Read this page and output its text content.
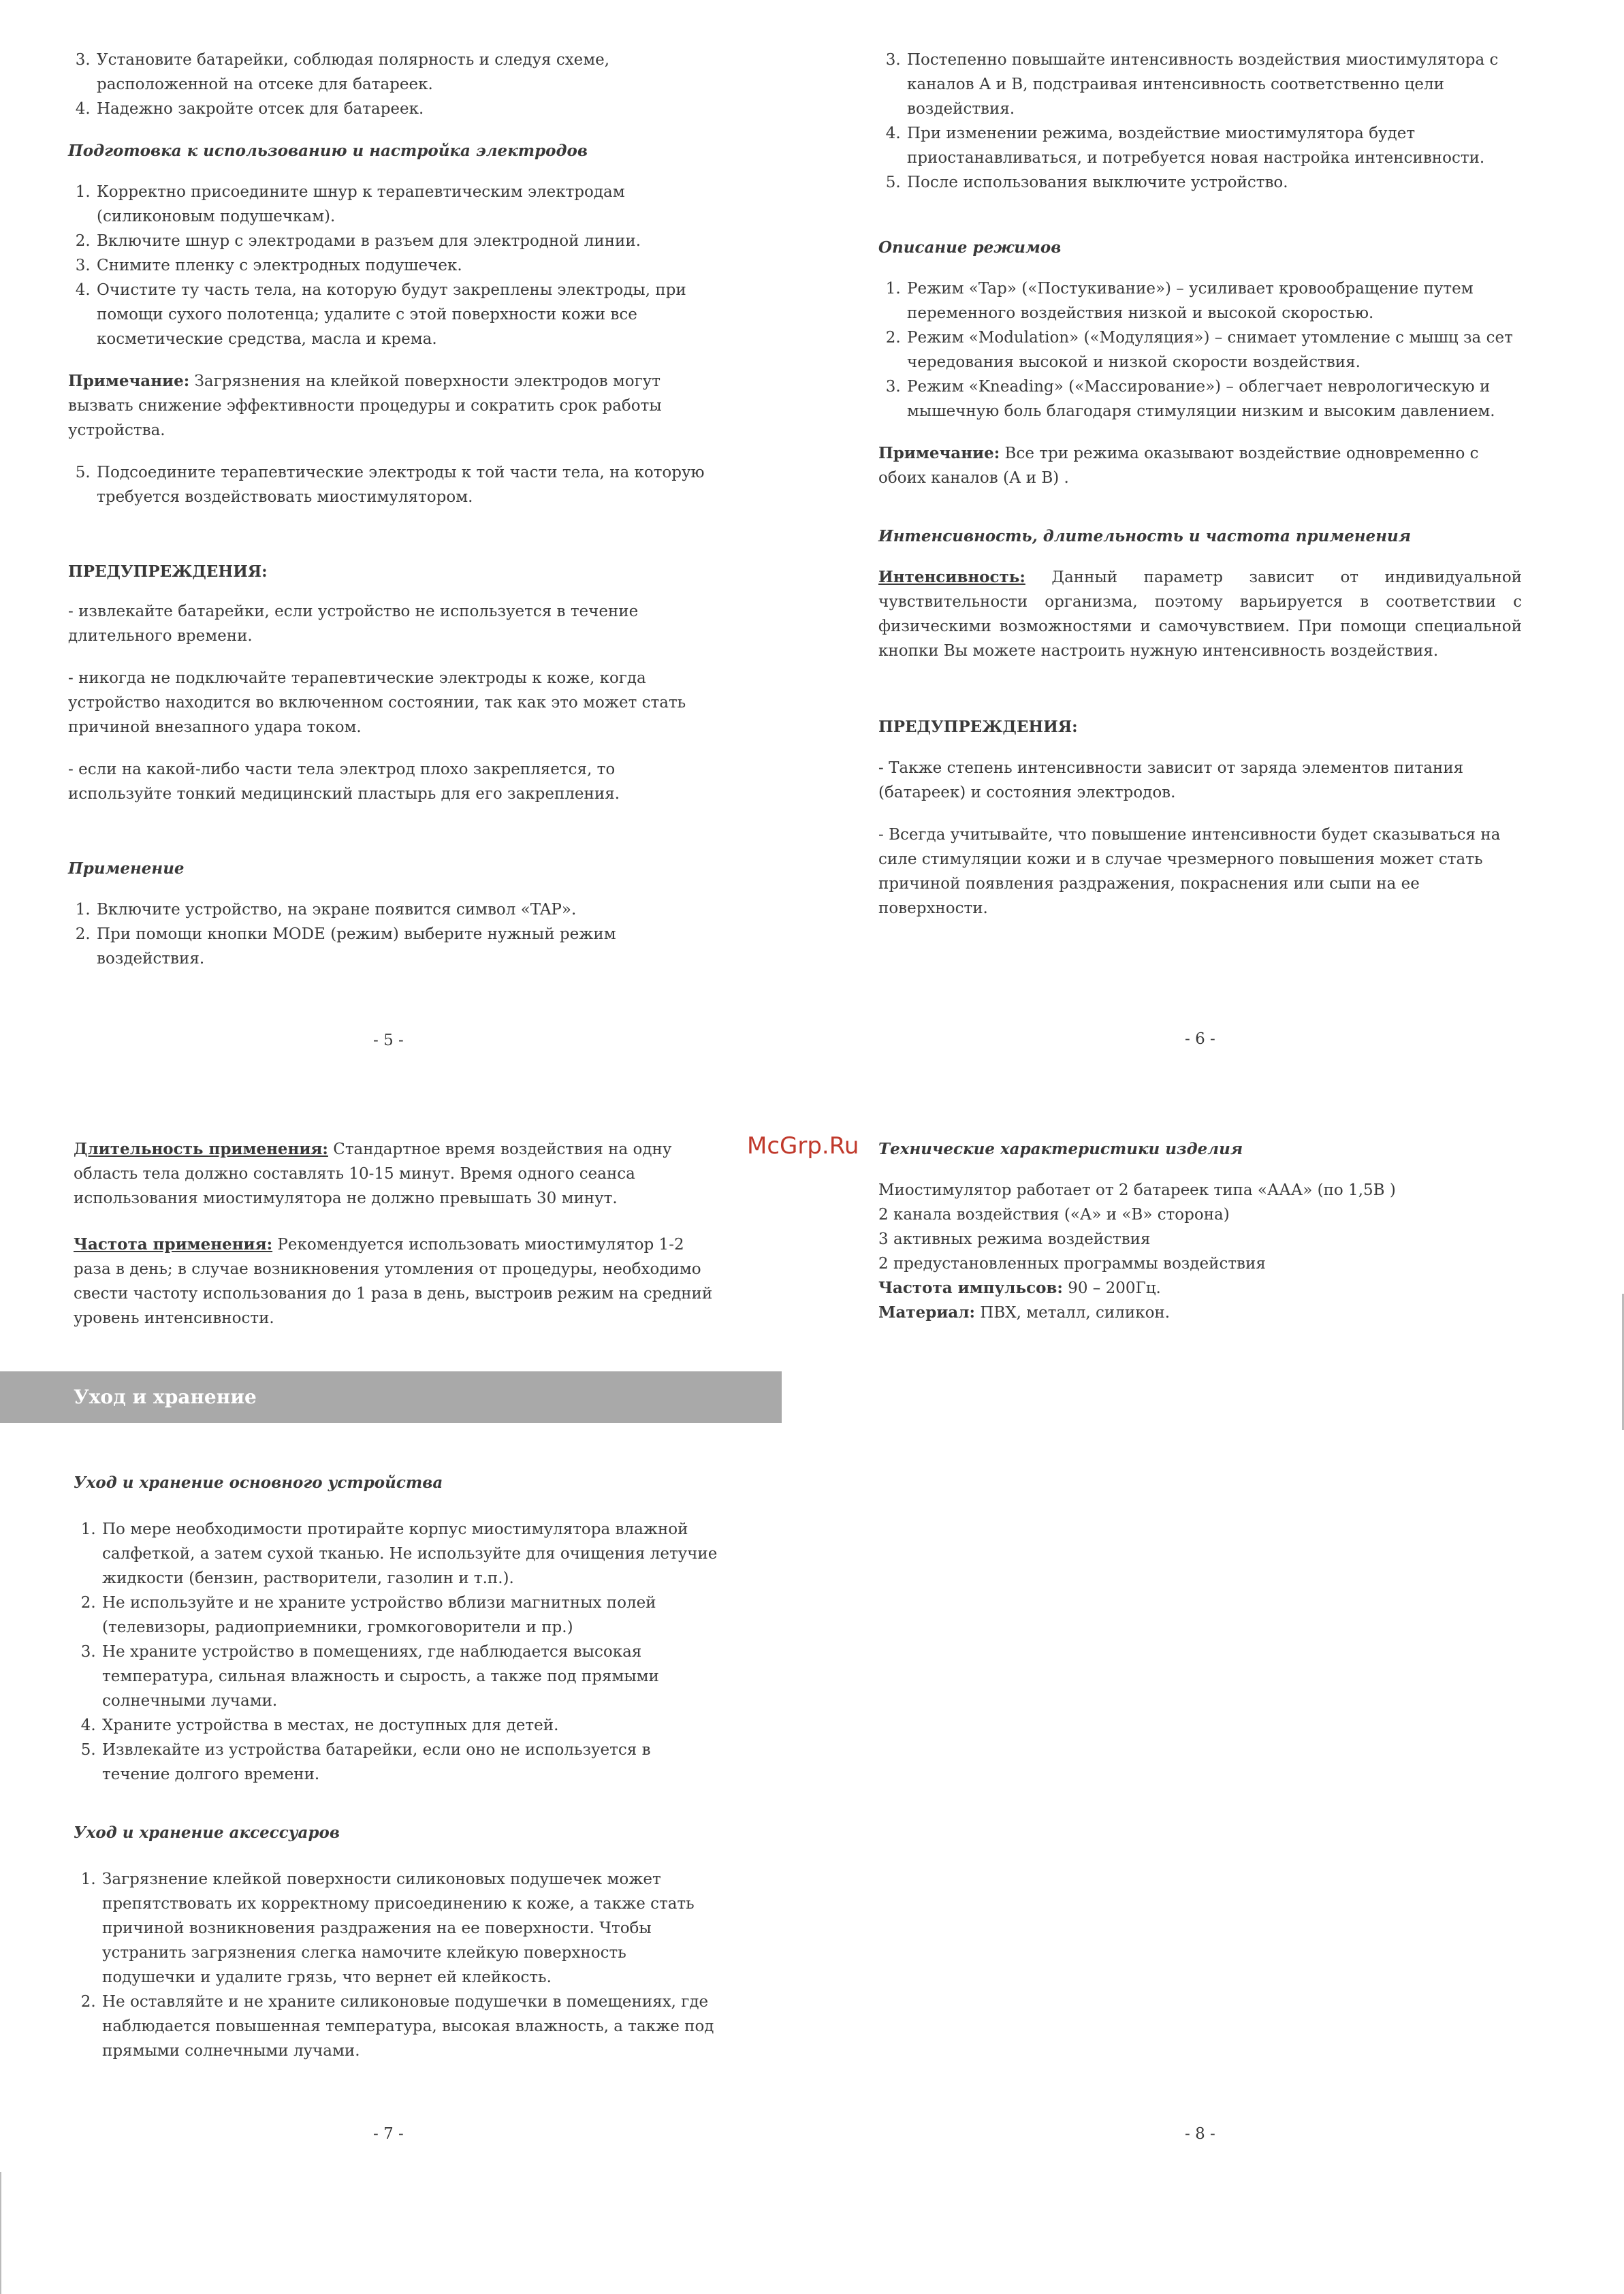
3. Установите батарейки, соблюдая полярность и следуя схеме, расположенной на отсеке для батареек.
4. Надежно закройте отсек для батареек.
Подготовка к использованию и настройка электродов
1. Корректно присоедините шнур к терапевтическим электродам (силиконовым подушечкам).
2. Включите шнур с электродами в разъем для электродной линии.
3. Снимите пленку с электродных подушечек.
4. Очистите ту часть тела, на которую будут закреплены электроды, при помощи сухого полотенца; удалите с этой поверхности кожи все косметические средства, масла и крема.

Примечание: Загрязнения на клейкой поверхности электродов могут вызвать снижение эффективности процедуры и сократить срок работы устройства.

5. Подсоедините терапевтические электроды к той части тела, на которую требуется воздействовать миостимулятором.
ПРЕДУПРЕЖДЕНИЯ:

- извлекайте батарейки, если устройство не используется в течение длительного времени.

- никогда не подключайте терапевтические электроды к коже, когда устройство находится во включенном состоянии, так как это может стать причиной внезапного удара током.

- если на какой-либо части тела электрод плохо закрепляется, то используйте тонкий медицинский пластырь для его закрепления.

Применение
1. Включите устройство, на экране появится символ «TAP».
2. При помощи кнопки MODE (режим) выберите нужный режим воздействия.
- 5 -
3. Постепенно повышайте интенсивность воздействия миостимулятора с каналов А и В, подстраивая интенсивность соответственно цели воздействия.
4. При изменении режима, воздействие миостимулятора будет приостанавливаться, и потребуется новая настройка интенсивности.
5. После использования выключите устройство.
Описание режимов
1. Режим «Tap» («Постукивание») – усиливает кровообращение путем переменного воздействия низкой и высокой скоростью.
2. Режим «Modulation» («Модуляция») – снимает утомление с мышц за сет чередования высокой и низкой скорости воздействия.
3. Режим «Kneading» («Массирование») – облегчает неврологическую и мышечную боль благодаря стимуляции низким и высоким давлением.

Примечание: Все три режима оказывают воздействие одновременно с обоих каналов (А и В) .

Интенсивность, длительность и частота применения

Интенсивность: Данный параметр зависит от индивидуальной чувствительности организма, поэтому варьируется в соответствии с физическими возможностями и самочувствием. При помощи специальной кнопки Вы можете настроить нужную интенсивность воздействия.

ПРЕДУПРЕЖДЕНИЯ:

- Также степень интенсивности зависит от заряда элементов питания (батареек) и состояния электродов.

- Всегда учитывайте, что повышение интенсивности будет сказываться на силе стимуляции кожи и в случае чрезмерного повышения может стать причиной появления раздражения, покраснения или сыпи на ее поверхности.

- 6 -
McGrp.Ru

Длительность применения: Стандартное время воздействия на одну область тела должно составлять 10-15 минут. Время одного сеанса использования миостимулятора не должно превышать 30 минут.

Частота применения: Рекомендуется использовать миостимулятор 1-2 раза в день; в случае возникновения утомления от процедуры, необходимо свести частоту использования до 1 раза в день, выстроив режим на средний уровень интенсивности.

Уход и хранение
Уход и хранение основного устройства
1. По мере необходимости протирайте корпус миостимулятора влажной салфеткой, а затем сухой тканью. Не используйте для очищения летучие жидкости (бензин, растворители, газолин и т.п.).
2. Не используйте и не храните устройство вблизи магнитных полей (телевизоры, радиоприемники, громкоговорители и пр.)
3. Не храните устройство в помещениях, где наблюдается высокая температура, сильная влажность и сырость, а также под прямыми солнечными лучами.
4. Храните устройства в местах, не доступных для детей.
5. Извлекайте из устройства батарейки, если оно не используется в течение долгого времени.
Уход и хранение аксессуаров
1. Загрязнение клейкой поверхности силиконовых подушечек может препятствовать их корректному присоединению к коже, а также стать причиной возникновения раздражения на ее поверхности. Чтобы устранить загрязнения слегка намочите клейкую поверхность подушечки и удалите грязь, что вернет ей клейкость.
2. Не оставляйте и не храните силиконовые подушечки в помещениях, где наблюдается повышенная температура, высокая влажность, а также под прямыми солнечными лучами.
- 7 -
Технические характеристики изделия
Миостимулятор работает от 2 батареек типа «ААА» (по 1,5В )
2 канала воздействия («А» и «В» сторона)
3 активных режима воздействия
2 предустановленных программы воздействия
Частота импульсов: 90 – 200Гц.
Материал: ПВХ, металл, силикон.
- 8 -
